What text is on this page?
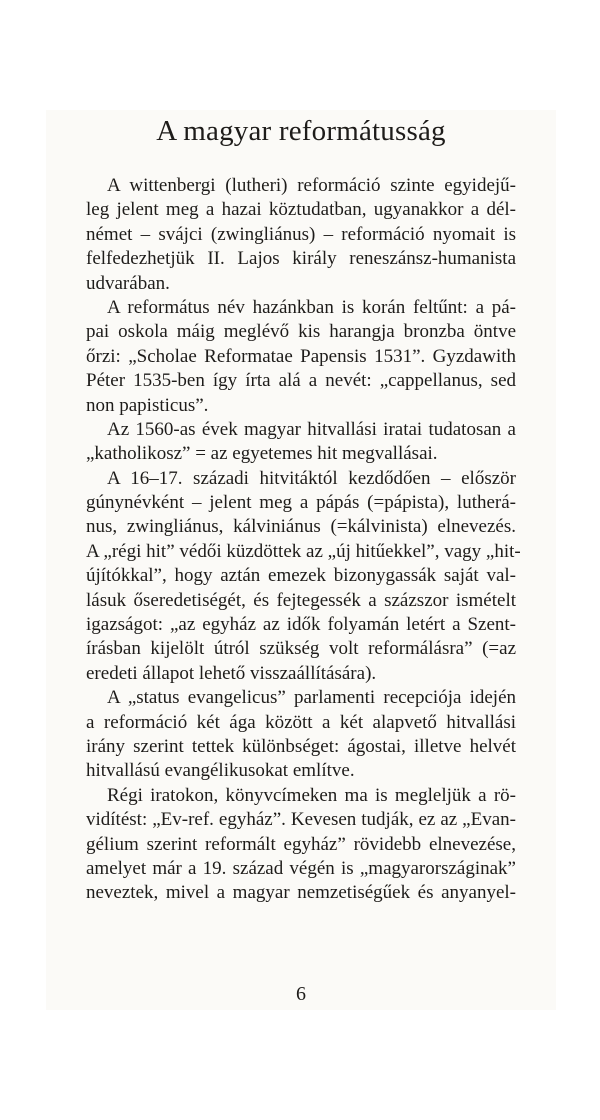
A magyar reformátusság
A wittenbergi (lutheri) reformáció szinte egyidejű-
leg jelent meg a hazai köztudatban, ugyanakkor a dél-
német – svájci (zwingliánus) – reformáció nyomait is
felfedezhetjük II. Lajos király reneszánsz-humanista
udvarában.
A református név hazánkban is korán feltűnt: a pá-
pai oskola máig meglévő kis harangja bronzba öntve
őrzi: „Scholae Reformatae Papensis 1531”. Gyzdawith
Péter 1535-ben így írta alá a nevét: „cappellanus, sed
non papisticus”.
Az 1560-as évek magyar hitvallási iratai tudatosan a
„katholikosz” = az egyetemes hit megvallásai.
A 16–17. századi hitvitáktól kezdődően – először
gúnynévként – jelent meg a pápás (=pápista), lutherá-
nus, zwingliánus, kálviniánus (=kálvinista) elnevezés.
A „régi hit” védői küzdöttek az „új hitűekkel”, vagy „hit-
újítókkal”, hogy aztán emezek bizonygassák saját val-
lásuk őseredetiségét, és fejtegessék a százszor ismételt
igazságot: „az egyház az idők folyamán letért a Szent-
írásban kijelölt útról szükség volt reformálásra” (=az
eredeti állapot lehető visszaállítására).
A „status evangelicus” parlamenti recepciója idején
a reformáció két ága között a két alapvető hitvallási
irány szerint tettek különbséget: ágostai, illetve helvét
hitvallású evangélikusokat említve.
Régi iratokon, könyvcímeken ma is megleljük a rö-
vidítést: „Ev-ref. egyház”. Kevesen tudják, ez az „Evan-
gélium szerint reformált egyház” rövidebb elnevezése,
amelyet már a 19. század végén is „magyarországinak”
neveztek, mivel a magyar nemzetiségűek és anyanyel-
6
